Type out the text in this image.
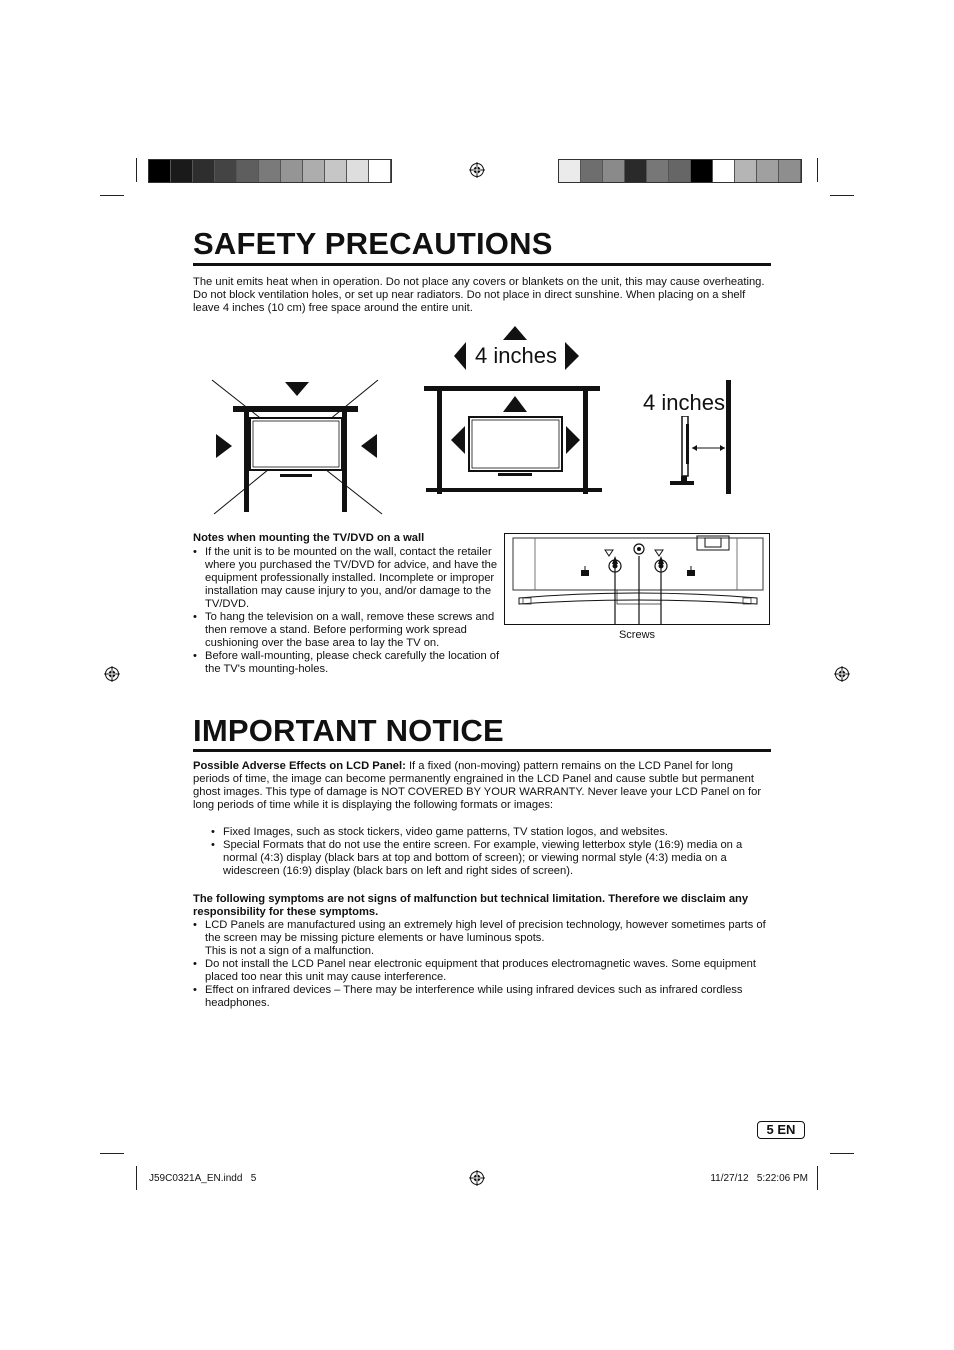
SAFETY PRECAUTIONS

The unit emits heat when in operation. Do not place any covers or blankets on the unit, this may cause overheating. Do not block ventilation holes, or set up near radiators. Do not place in direct sunshine. When placing on a shelf leave 4 inches (10 cm) free space around the entire unit.

4 inches
4 inches
Notes when mounting the TV/DVD on a wall
• If the unit is to be mounted on the wall, contact the retailer where you purchased the TV/DVD for advice, and have the equipment professionally installed. Incomplete or improper installation may cause injury to you, and/or damage to the TV/DVD.
• To hang the television on a wall, remove these screws and then remove a stand. Before performing work spread cushioning over the base area to lay the TV on.
• Before wall-mounting, please check carefully the location of the TV's mounting-holes.
Screws
IMPORTANT NOTICE

Possible Adverse Effects on LCD Panel: If a fixed (non-moving) pattern remains on the LCD Panel for long periods of time, the image can become permanently engrained in the LCD Panel and cause subtle but permanent ghost images. This type of damage is NOT COVERED BY YOUR WARRANTY. Never leave your LCD Panel on for long periods of time while it is displaying the following formats or images:

• Fixed Images, such as stock tickers, video game patterns, TV station logos, and websites.
• Special Formats that do not use the entire screen. For example, viewing letterbox style (16:9) media on a normal (4:3) display (black bars at top and bottom of screen); or viewing normal style (4:3) media on a widescreen (16:9) display (black bars on left and right sides of screen).

The following symptoms are not signs of malfunction but technical limitation. Therefore we disclaim any responsibility for these symptoms.

• LCD Panels are manufactured using an extremely high level of precision technology, however sometimes parts of the screen may be missing picture elements or have luminous spots.
This is not a sign of a malfunction.
• Do not install the LCD Panel near electronic equipment that produces electromagnetic waves. Some equipment placed too near this unit may cause interference.
• Effect on infrared devices – There may be interference while using infrared devices such as infrared cordless headphones.
5 EN
J59C0321A_EN.indd   5	11/27/12   5:22:06 PM
